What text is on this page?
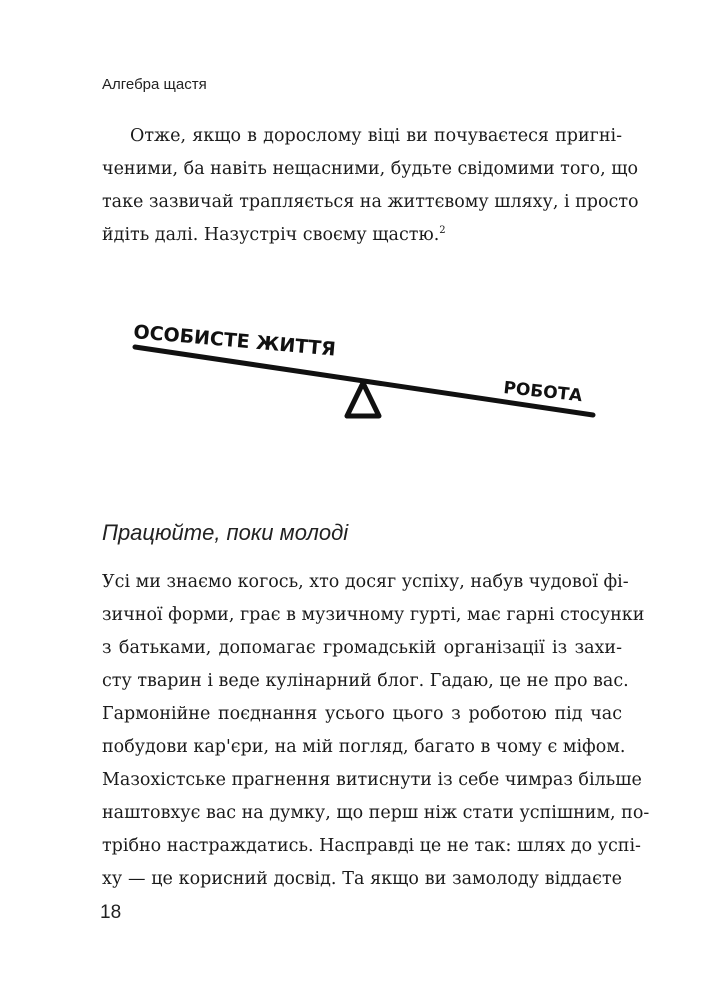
Алгебра щастя
Отже, якщо в дорослому віці ви почуваєтеся пригні-
ченими, ба навіть нещасними, будьте свідомими того, що
таке зазвичай трапляється на життєвому шляху, і просто
йдіть далі. Назустріч своєму щастю.$^2$
ОСОБИСТЕ ЖИТТЯ
РОБОТА
Працюйте, поки молоді
Усі ми знаємо когось, хто досяг успіху, набув чудової фі-
зичної форми, грає в музичному гурті, має гарні стосунки
з батьками, допомагає громадській організації із захи-
сту тварин і веде кулінарний блог. Гадаю, це не про вас.
Гармонійне поєднання усього цього з роботою під час
побудови кар'єри, на мій погляд, багато в чому є міфом.
Мазохістське прагнення витиснути із себе чимраз більше
наштовхує вас на думку, що перш ніж стати успішним, по-
трібно настраждатись. Насправді це не так: шлях до успі-
ху — це корисний досвід. Та якщо ви замолоду віддаєте
18
